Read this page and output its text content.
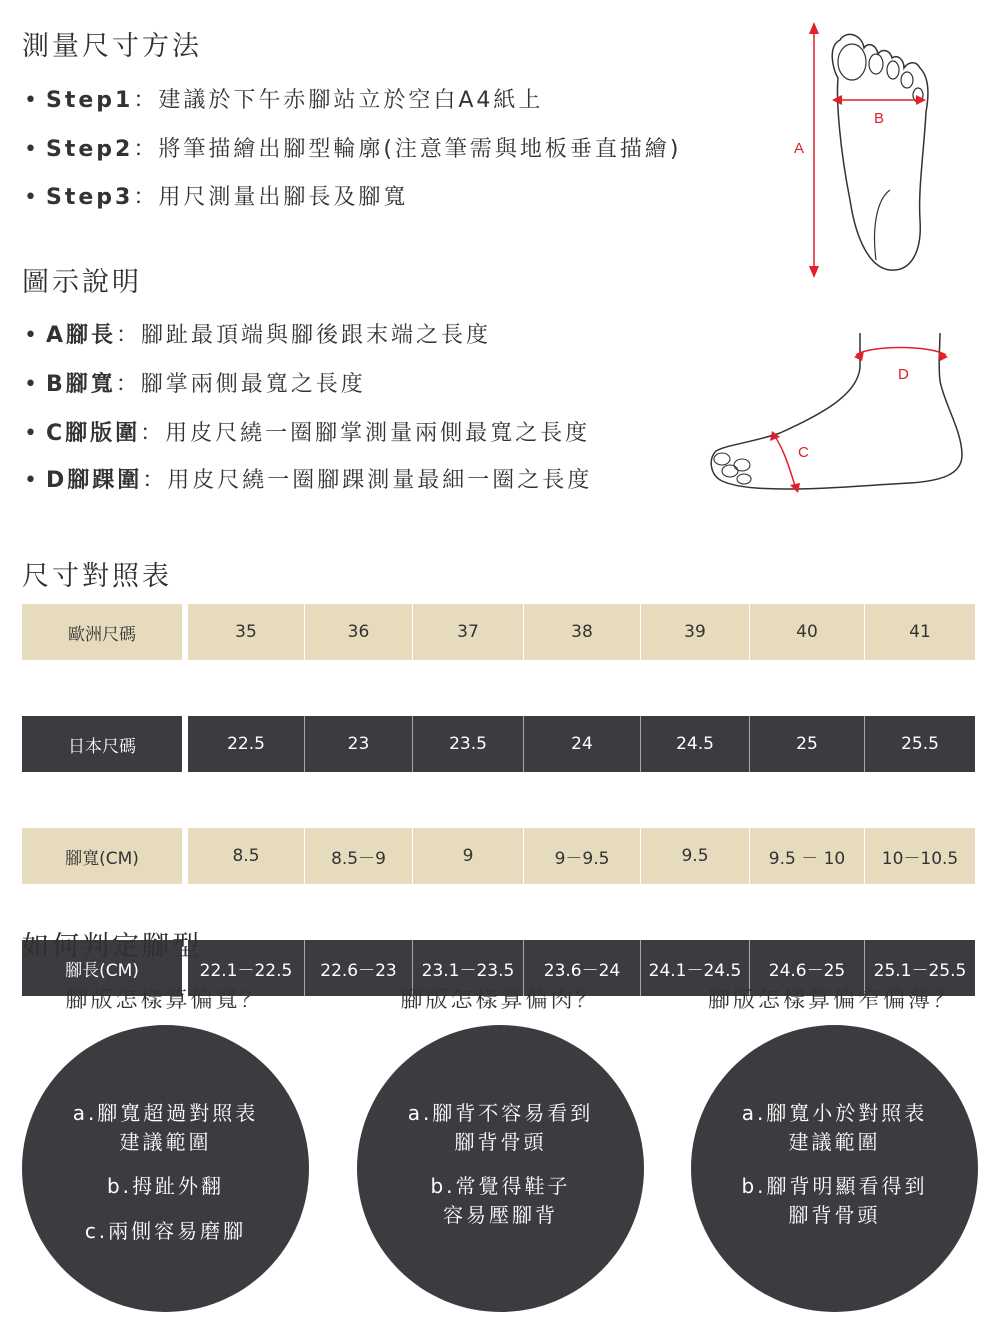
測量尺寸方法
• Step1：建議於下午赤腳站立於空白A4紙上
• Step2：將筆描繪出腳型輪廓(注意筆需與地板垂直描繪)
• Step3：用尺測量出腳長及腳寬
A
B
圖示說明
• A腳長：腳趾最頂端與腳後跟末端之長度
• B腳寬：腳掌兩側最寬之長度
• C腳版圍：用皮尺繞一圈腳掌測量兩側最寬之長度
• D腳踝圍：用皮尺繞一圈腳踝測量最細一圈之長度
D
C
尺寸對照表
歐洲尺碼		35	36	37	38	39	40	41

日本尺碼		22.5	23	23.5	24	24.5	25	25.5

腳寬(CM)		8.5	8.5－9	9	9－9.5	9.5	9.5 － 10	10－10.5

腳長(CM)		22.1－22.5	22.6－23	23.1－23.5	23.6－24	24.1－24.5	24.6－25	25.1－25.5
如何判定腳型
腳版怎樣算偏寬？	腳版怎樣算偏肉？	腳版怎樣算偏窄偏薄？
a.腳寬超過對照表
建議範圍
b.拇趾外翻
c.兩側容易磨腳
a.腳背不容易看到
腳背骨頭
b.常覺得鞋子
容易壓腳背
a.腳寬小於對照表
建議範圍
b.腳背明顯看得到
腳背骨頭
